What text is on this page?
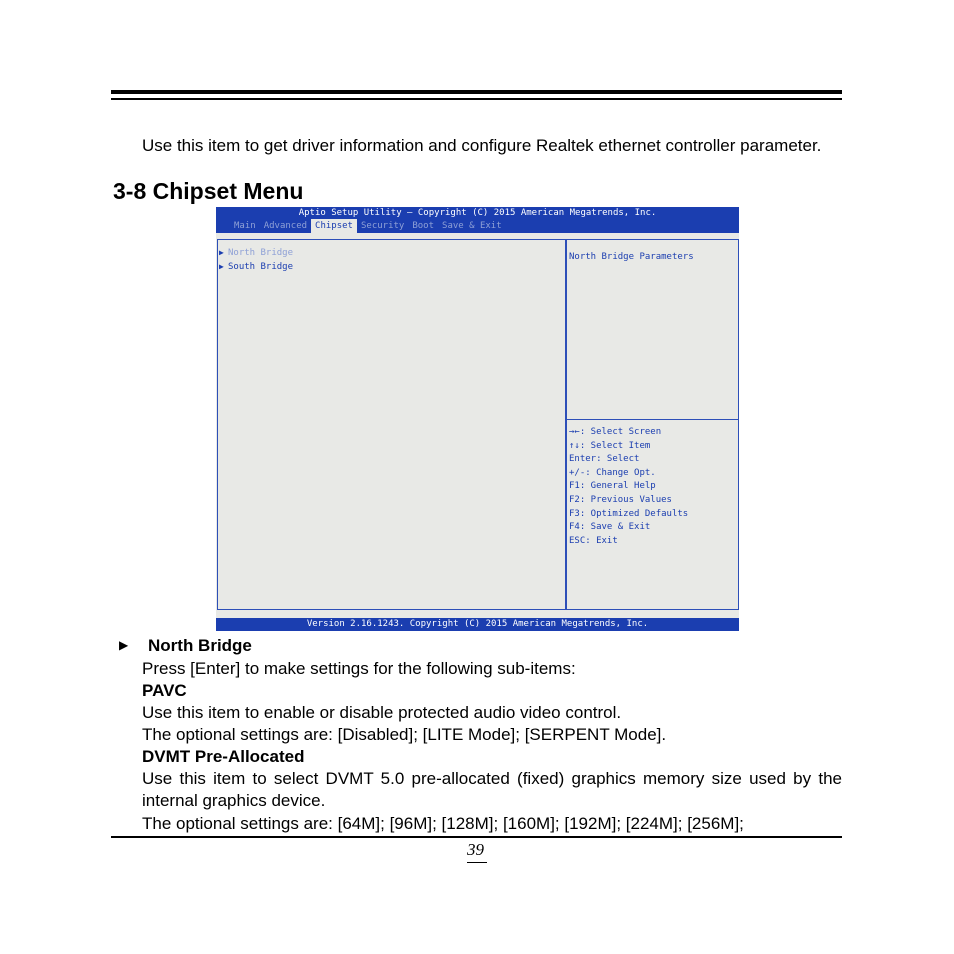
Use this item to get driver information and configure Realtek ethernet controller parameter.
3-8 Chipset Menu
Aptio Setup Utility – Copyright (C) 2015 American Megatrends, Inc.
Main Advanced Chipset Security Boot Save & Exit
▶ North Bridge
▶ South Bridge
North Bridge Parameters
→←: Select Screen
↑↓: Select Item
Enter: Select
+/-: Change Opt.
F1: General Help
F2: Previous Values
F3: Optimized Defaults
F4: Save & Exit
ESC: Exit
Version 2.16.1243. Copyright (C) 2015 American Megatrends, Inc.
▶ North Bridge
Press [Enter] to make settings for the following sub-items:
PAVC
Use this item to enable or disable protected audio video control.
The optional settings are: [Disabled]; [LITE Mode]; [SERPENT Mode].
DVMT Pre-Allocated
Use this item to select DVMT 5.0 pre-allocated (fixed) graphics memory size used by the internal graphics device.
The optional settings are: [64M]; [96M]; [128M]; [160M]; [192M]; [224M]; [256M];
39
